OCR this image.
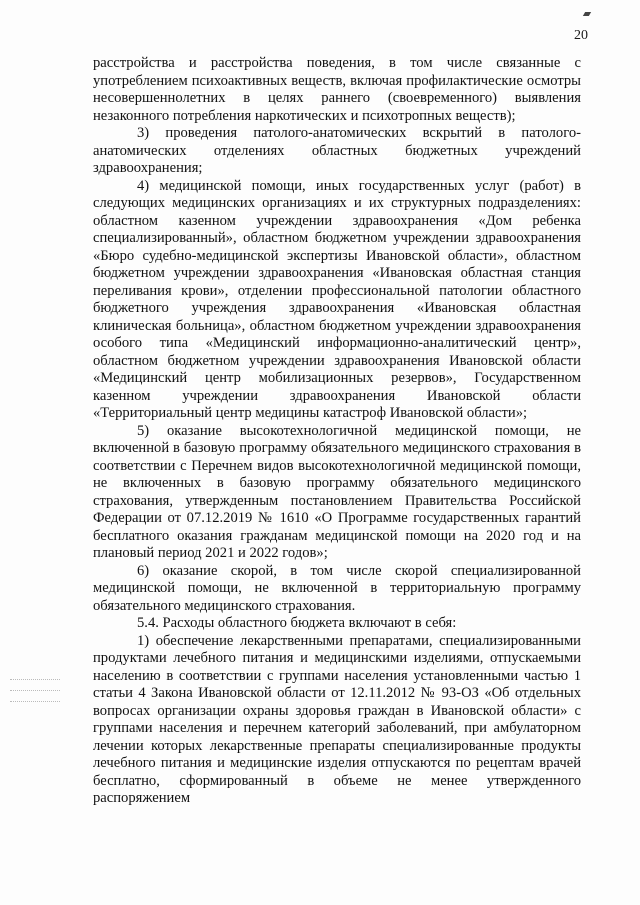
20

расстройства и расстройства поведения, в том числе связанные с употреблением психоактивных веществ, включая профилактические осмотры несовершеннолетних в целях раннего (своевременного) выявления незаконного потребления наркотических и психотропных веществ);

3) проведения патолого-анатомических вскрытий в патолого-анатомических отделениях областных бюджетных учреждений здравоохранения;

4) медицинской помощи, иных государственных услуг (работ) в следующих медицинских организациях и их структурных подразделениях: областном казенном учреждении здравоохранения «Дом ребенка специализированный», областном бюджетном учреждении здравоохранения «Бюро судебно-медицинской экспертизы Ивановской области», областном бюджетном учреждении здравоохранения «Ивановская областная станция переливания крови», отделении профессиональной патологии областного бюджетного учреждения здравоохранения «Ивановская областная клиническая больница», областном бюджетном учреждении здравоохранения особого типа «Медицинский информационно-аналитический центр», областном бюджетном учреждении здравоохранения Ивановской области «Медицинский центр мобилизационных резервов», Государственном казенном учреждении здравоохранения Ивановской области «Территориальный центр медицины катастроф Ивановской области»;

5) оказание высокотехнологичной медицинской помощи, не включенной в базовую программу обязательного медицинского страхования в соответствии с Перечнем видов высокотехнологичной медицинской помощи, не включенных в базовую программу обязательного медицинского страхования, утвержденным постановлением Правительства Российской Федерации от 07.12.2019 № 1610 «О Программе государственных гарантий бесплатного оказания гражданам медицинской помощи на 2020 год и на плановый период 2021 и 2022 годов»;

6) оказание скорой, в том числе скорой специализированной медицинской помощи, не включенной в территориальную программу обязательного медицинского страхования.

5.4. Расходы областного бюджета включают в себя:

1) обеспечение лекарственными препаратами, специализированными продуктами лечебного питания и медицинскими изделиями, отпускаемыми населению в соответствии с группами населения установленными частью 1 статьи 4 Закона Ивановской области от 12.11.2012 № 93-ОЗ «Об отдельных вопросах организации охраны здоровья граждан в Ивановской области» с группами населения и перечнем категорий заболеваний, при амбулаторном лечении которых лекарственные препараты специализированные продукты лечебного питания и медицинские изделия отпускаются по рецептам врачей бесплатно, сформированный в объеме не менее утвержденного распоряжением
